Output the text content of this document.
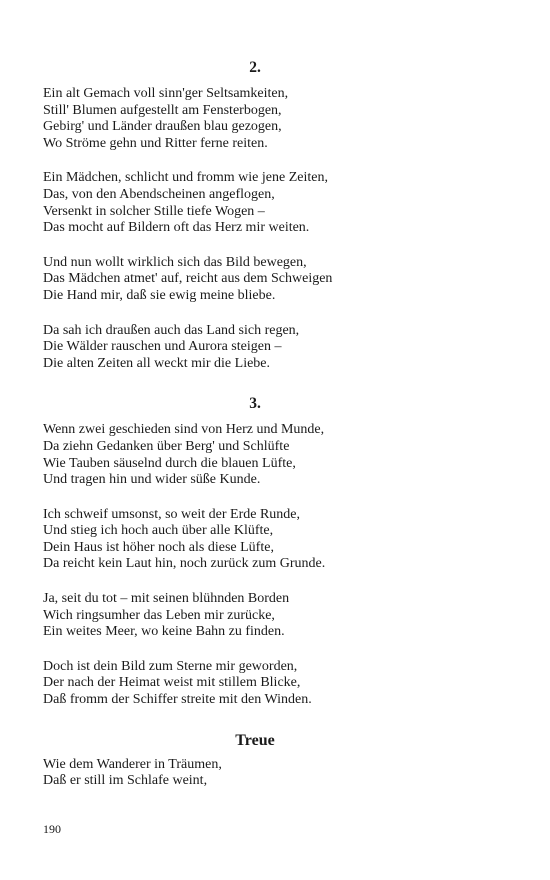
2.
Ein alt Gemach voll sinn'ger Seltsamkeiten,
Still' Blumen aufgestellt am Fensterbogen,
Gebirg' und Länder draußen blau gezogen,
Wo Ströme gehn und Ritter ferne reiten.
Ein Mädchen, schlicht und fromm wie jene Zeiten,
Das, von den Abendscheinen angeflogen,
Versenkt in solcher Stille tiefe Wogen –
Das mocht auf Bildern oft das Herz mir weiten.
Und nun wollt wirklich sich das Bild bewegen,
Das Mädchen atmet' auf, reicht aus dem Schweigen
Die Hand mir, daß sie ewig meine bliebe.
Da sah ich draußen auch das Land sich regen,
Die Wälder rauschen und Aurora steigen –
Die alten Zeiten all weckt mir die Liebe.
3.
Wenn zwei geschieden sind von Herz und Munde,
Da ziehn Gedanken über Berg' und Schlüfte
Wie Tauben säuselnd durch die blauen Lüfte,
Und tragen hin und wider süße Kunde.
Ich schweif umsonst, so weit der Erde Runde,
Und stieg ich hoch auch über alle Klüfte,
Dein Haus ist höher noch als diese Lüfte,
Da reicht kein Laut hin, noch zurück zum Grunde.
Ja, seit du tot – mit seinen blühnden Borden
Wich ringsumher das Leben mir zurücke,
Ein weites Meer, wo keine Bahn zu finden.
Doch ist dein Bild zum Sterne mir geworden,
Der nach der Heimat weist mit stillem Blicke,
Daß fromm der Schiffer streite mit den Winden.
Treue
Wie dem Wanderer in Träumen,
Daß er still im Schlafe weint,
190
